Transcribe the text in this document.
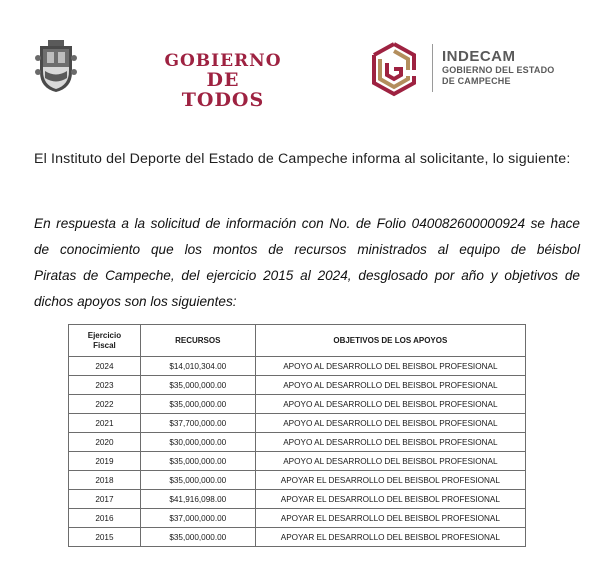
GOBIERNO
DE TODOS
INDECAM
GOBIERNO DEL ESTADO
DE CAMPECHE
El Instituto del Deporte del Estado de Campeche informa al solicitante, lo siguiente:
En respuesta a la solicitud de información con No. de Folio 040082600000924 se hace
de conocimiento que los montos de recursos ministrados al equipo de béisbol
Piratas de Campeche, del ejercicio 2015 al 2024, desglosado por año y objetivos de
dichos apoyos son los siguientes:
Ejercicio
Fiscal	RECURSOS	OBJETIVOS DE LOS APOYOS
2024	$14,010,304.00	APOYO AL DESARROLLO DEL BEISBOL PROFESIONAL
2023	$35,000,000.00	APOYO AL DESARROLLO DEL BEISBOL PROFESIONAL
2022	$35,000,000.00	APOYO AL DESARROLLO DEL BEISBOL PROFESIONAL
2021	$37,700,000.00	APOYO AL DESARROLLO DEL BEISBOL PROFESIONAL
2020	$30,000,000.00	APOYO AL DESARROLLO DEL BEISBOL PROFESIONAL
2019	$35,000,000.00	APOYO AL DESARROLLO DEL BEISBOL PROFESIONAL
2018	$35,000,000.00	APOYAR EL DESARROLLO DEL BEISBOL PROFESIONAL
2017	$41,916,098.00	APOYAR EL DESARROLLO DEL BEISBOL PROFESIONAL
2016	$37,000,000.00	APOYAR EL DESARROLLO DEL BEISBOL PROFESIONAL
2015	$35,000,000.00	APOYAR EL DESARROLLO DEL BEISBOL PROFESIONAL
